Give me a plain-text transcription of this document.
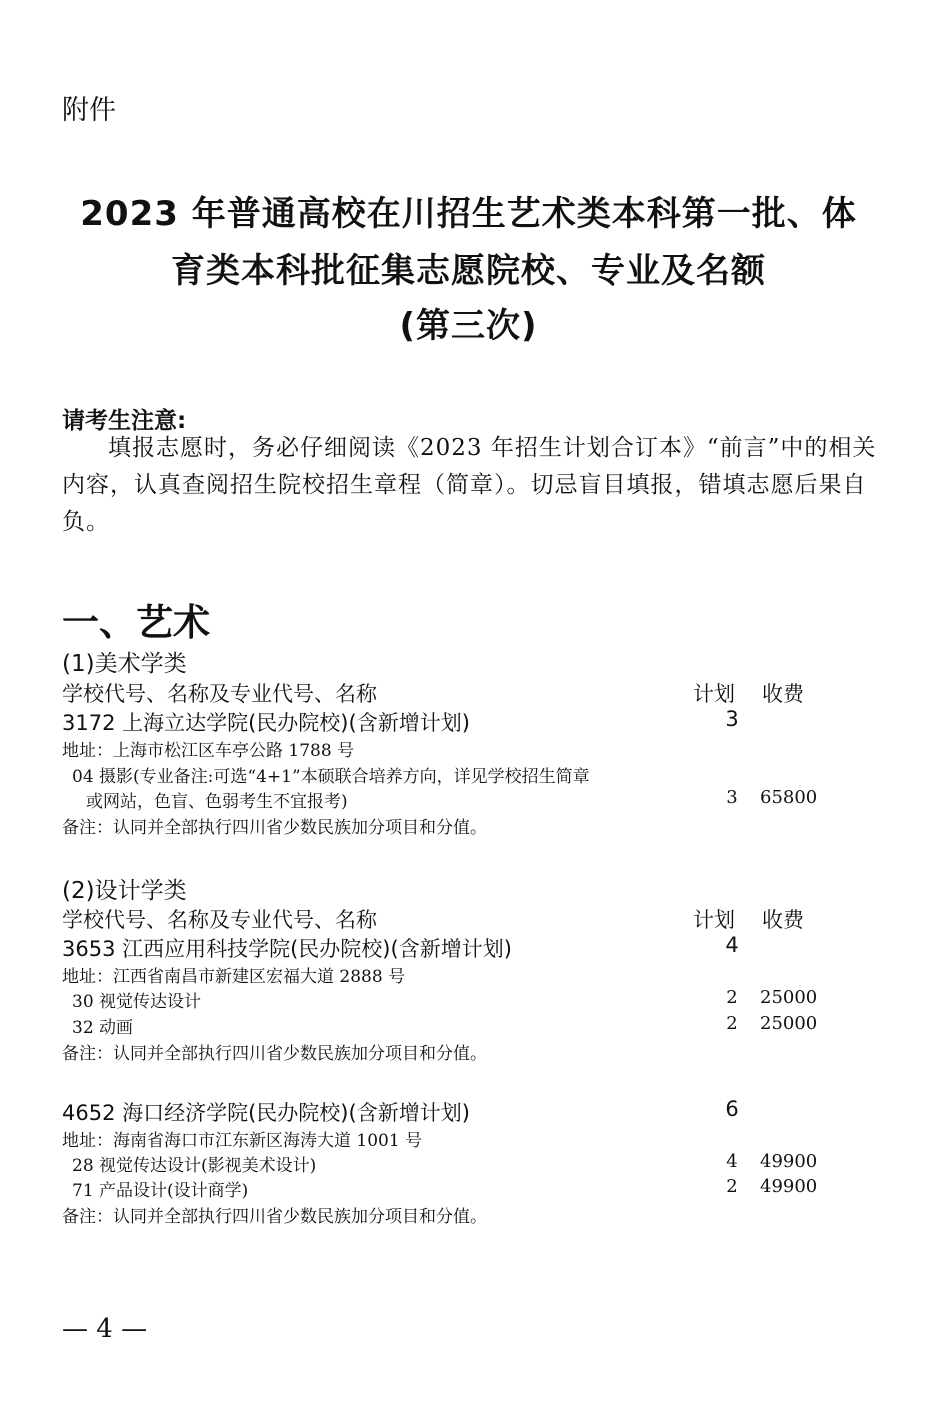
附件
2023 年普通高校在川招生艺术类本科第一批、体
育类本科批征集志愿院校、专业及名额
(第三次)
请考生注意:
填报志愿时，务必仔细阅读《2023 年招生计划合订本》“前言”中的相关内容，认真查阅招生院校招生章程（简章）。切忌盲目填报，错填志愿后果自负。
一、艺术
(1)美术学类
学校代号、名称及专业代号、名称	计划 收费
3172 上海立达学院(民办院校)(含新增计划)	3
地址：上海市松江区车亭公路 1788 号
04 摄影(专业备注:可选“4+1”本硕联合培养方向，详见学校招生简章
或网站，色盲、色弱考生不宜报考)	3	65800
备注：认同并全部执行四川省少数民族加分项目和分值。
(2)设计学类
学校代号、名称及专业代号、名称	计划 收费
3653 江西应用科技学院(民办院校)(含新增计划)	4
地址：江西省南昌市新建区宏福大道 2888 号
30 视觉传达设计	2	25000
32 动画	2	25000
备注：认同并全部执行四川省少数民族加分项目和分值。
4652 海口经济学院(民办院校)(含新增计划)	6
地址：海南省海口市江东新区海涛大道 1001 号
28 视觉传达设计(影视美术设计)	4	49900
71 产品设计(设计商学)	2	49900
备注：认同并全部执行四川省少数民族加分项目和分值。
— 4 —
